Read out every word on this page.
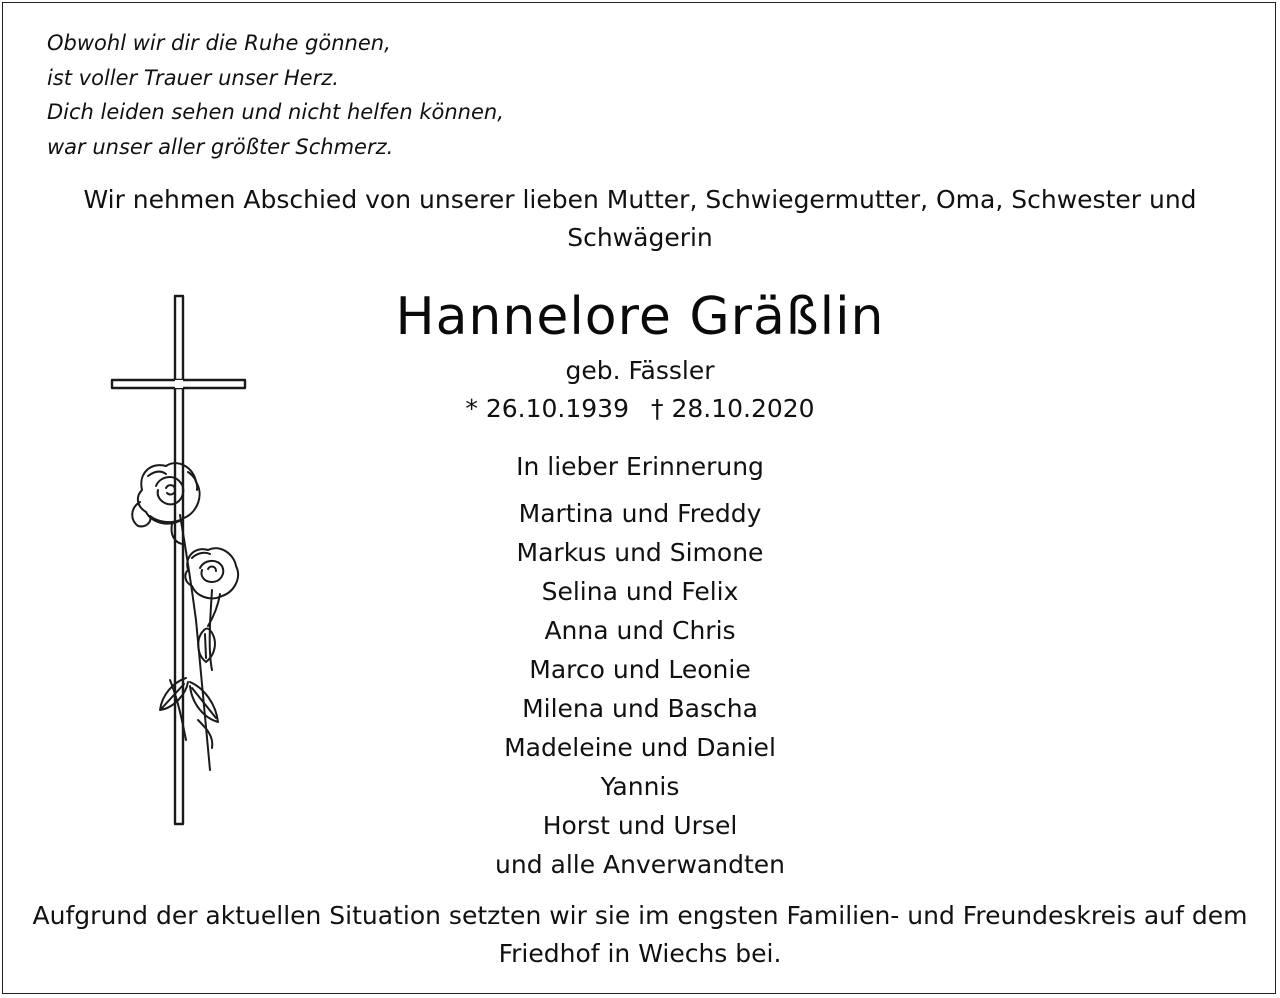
Obwohl wir dir die Ruhe gönnen,
ist voller Trauer unser Herz.
Dich leiden sehen und nicht helfen können,
war unser aller größter Schmerz.
Wir nehmen Abschied von unserer lieben Mutter, Schwiegermutter, Oma, Schwester und Schwägerin
Hannelore Gräßlin
geb. Fässler
* 26.10.1939 † 28.10.2020
In lieber Erinnerung
Martina und Freddy
Markus und Simone
Selina und Felix
Anna und Chris
Marco und Leonie
Milena und Bascha
Madeleine und Daniel
Yannis
Horst und Ursel
und alle Anverwandten
Aufgrund der aktuellen Situation setzten wir sie im engsten Familien- und Freundeskreis auf dem Friedhof in Wiechs bei.
